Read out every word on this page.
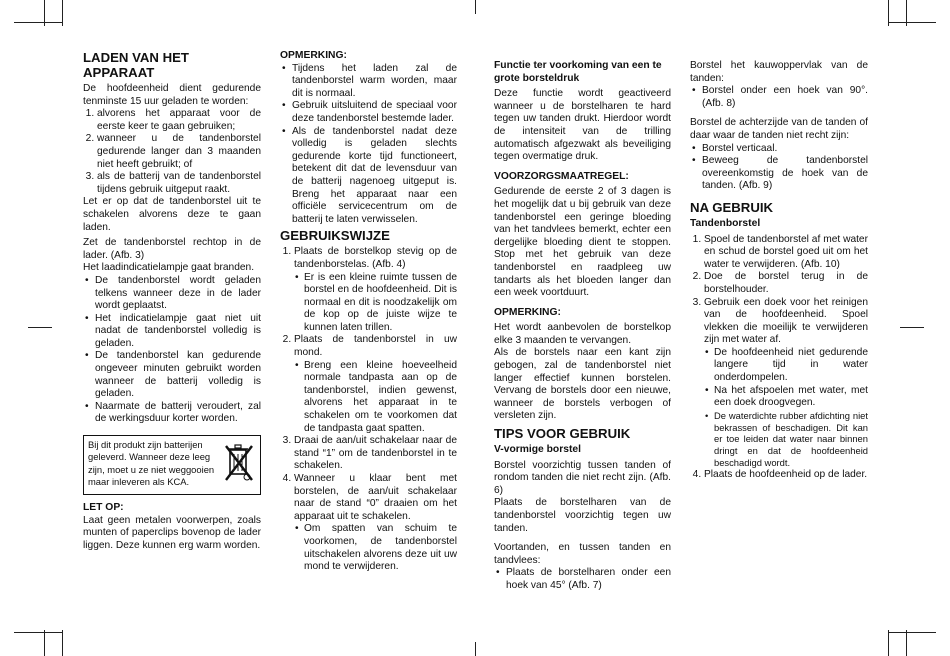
LADEN VAN HET APPARAAT

De hoofdeenheid dient gedurende tenminste 15 uur geladen te worden:

1. alvorens het apparaat voor de eerste keer te gaan gebruiken;
2. wanneer u de tandenborstel gedurende langer dan 3 maanden niet heeft gebruikt; of
3. als de batterij van de tandenborstel tijdens gebruik uitgeput raakt.

Let er op dat de tandenborstel uit te schakelen alvorens deze te gaan laden.

Zet de tandenborstel rechtop in de lader. (Afb. 3)

Het laadindicatielampje gaat branden.

• De tandenborstel wordt geladen telkens wanneer deze in de lader wordt geplaatst.
• Het indicatielampje gaat niet uit nadat de tandenborstel volledig is geladen.
• De tandenborstel kan gedurende ongeveer minuten gebruikt worden wanneer de batterij volledig is geladen.
• Naarmate de batterij veroudert, zal de werkingsduur korter worden.
Bij dit produkt zijn batterijen geleverd. Wanneer deze leeg zijn, moet u ze niet weggooien maar inleveren als KCA.
LET OP:

Laat geen metalen voorwerpen, zoals munten of paperclips bovenop de lader liggen. Deze kunnen erg warm worden.

OPMERKING:
• Tijdens het laden zal de tandenborstel warm worden, maar dit is normaal.
• Gebruik uitsluitend de speciaal voor deze tandenborstel bestemde lader.
• Als de tandenborstel nadat deze volledig is geladen slechts gedurende korte tijd functioneert, betekent dit dat de levensduur van de batterij nagenoeg uitgeput is. Breng het apparaat naar een officiële servicecentrum om de batterij te laten verwisselen.
GEBRUIKSWIJZE
1. Plaats de borstelkop stevig op de tandenborstelas. (Afb. 4)
• Er is een kleine ruimte tussen de borstel en de hoofdeenheid. Dit is normaal en dit is noodzakelijk om de kop op de juiste wijze te kunnen laten trillen.
2. Plaats de tandenborstel in uw mond.
• Breng een kleine hoeveelheid normale tandpasta aan op de tandenborstel, indien gewenst, alvorens het apparaat in te schakelen om te voorkomen dat de tandpasta gaat spatten.
3. Draai de aan/uit schakelaar naar de stand “1” om de tandenborstel in te schakelen.
4. Wanneer u klaar bent met borstelen, de aan/uit schakelaar naar de stand “0” draaien om het apparaat uit te schakelen.
• Om spatten van schuim te voorkomen, de tandenborstel uitschakelen alvorens deze uit uw mond te verwijderen.
Functie ter voorkoming van een te grote borsteldruk

Deze functie wordt geactiveerd wanneer u de borstelharen te hard tegen uw tanden drukt. Hierdoor wordt de intensiteit van de trilling automatisch afgezwakt als beveiliging tegen overmatige druk.

VOORZORGSMAATREGEL:

Gedurende de eerste 2 of 3 dagen is het mogelijk dat u bij gebruik van deze tandenborstel een geringe bloeding van het tandvlees bemerkt, echter een dergelijke bloeding dient te stoppen. Stop met het gebruik van deze tandenborstel en raadpleeg uw tandarts als het bloeden langer dan een week voortduurt.

OPMERKING:

Het wordt aanbevolen de borstelkop elke 3 maanden te vervangen.

Als de borstels naar een kant zijn gebogen, zal de tandenborstel niet langer effectief kunnen borstelen. Vervang de borstels door een nieuwe, wanneer de borstels verbogen of versleten zijn.

TIPS VOOR GEBRUIK
V-vormige borstel

Borstel voorzichtig tussen tanden of rondom tanden die niet recht zijn. (Afb. 6)

Plaats de borstelharen van de tandenborstel voorzichtig tegen uw tanden.

Voortanden, en tussen tanden en tandvlees:

• Plaats de borstelharen onder een hoek van 45° (Afb. 7)

Borstel het kauwoppervlak van de tanden:

• Borstel onder een hoek van 90°. (Afb. 8)

Borstel de achterzijde van de tanden of daar waar de tanden niet recht zijn:

• Borstel verticaal.
• Beweeg de tandenborstel overeenkomstig de hoek van de tanden. (Afb. 9)
NA GEBRUIK
Tandenborstel
1. Spoel de tandenborstel af met water en schud de borstel goed uit om het water te verwijderen. (Afb. 10)
2. Doe de borstel terug in de borstelhouder.
3. Gebruik een doek voor het reinigen van de hoofdeenheid. Spoel vlekken die moeilijk te verwijderen zijn met water af.
• De hoofdeenheid niet gedurende langere tijd in water onderdompelen.
• Na het afspoelen met water, met een doek droogvegen.
• De waterdichte rubber afdichting niet bekrassen of beschadigen. Dit kan er toe leiden dat water naar binnen dringt en dat de hoofdeenheid beschadigd wordt.
4. Plaats de hoofdeenheid op de lader.
